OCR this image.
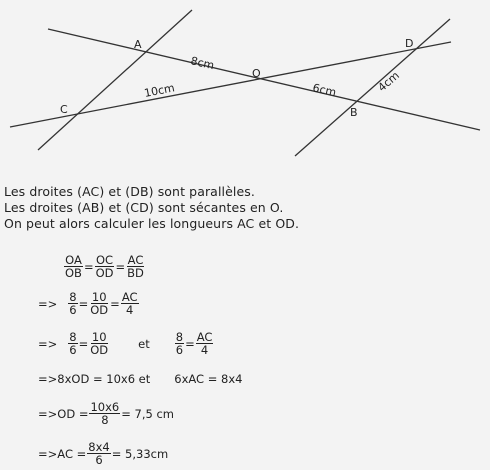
A
C
O
D
B
8cm
10cm	6cm	4cm
Les droites (AC) et (DB) sont parallèles.
Les droites (AB) et (CD) sont sécantes en O.
On peut alors calculer les longueurs AC et OD.
$\frac{OA}{OB} = \frac{OC}{OD} = \frac{AC}{BD}$
=> $\frac{8}{6} = \frac{10}{OD} = \frac{AC}{4}$
=> $\frac{8}{6} = \frac{10}{OD}$	et $\frac{8}{6} = \frac{AC}{4}$
=> 8xOD = 10x6 et 6xAC = 8x4
=> OD = $\frac{10x6}{8} = 7,5$ cm
=> AC = $\frac{8x4}{6} = 5,33cm$
